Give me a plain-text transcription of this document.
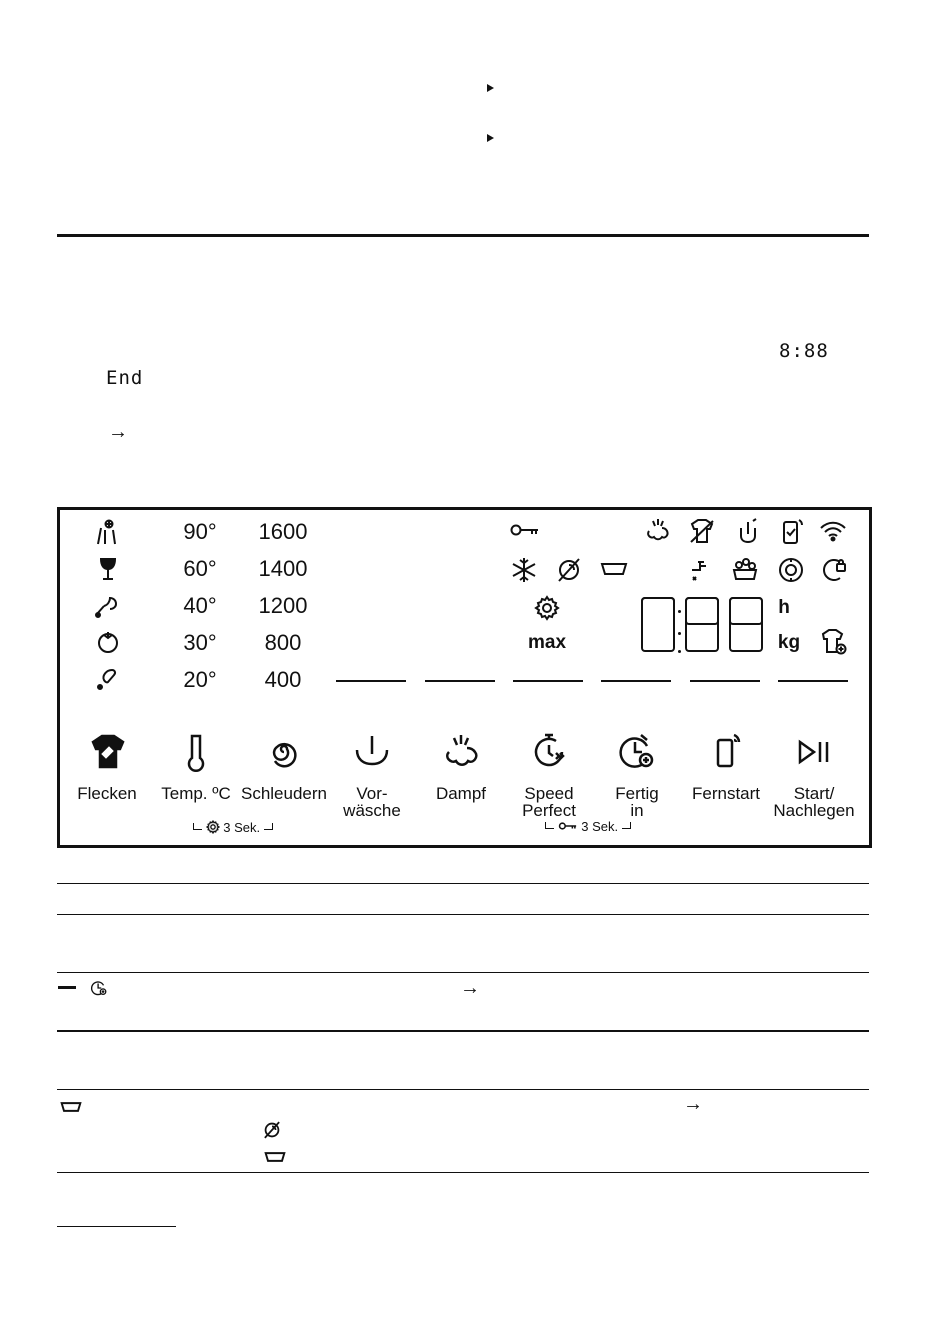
8:88
End
→
90°
60°
40°
30°
20°
1600
1400
1200
800
400
max
h
kg
Flecken	Temp. ºC Schleudern	Vor-
wäsche
Dampf	Speed
Perfect
Fertig
in
Fernstart	Start/
Nachlegen
3 Sek.	3 Sek.
→
→
